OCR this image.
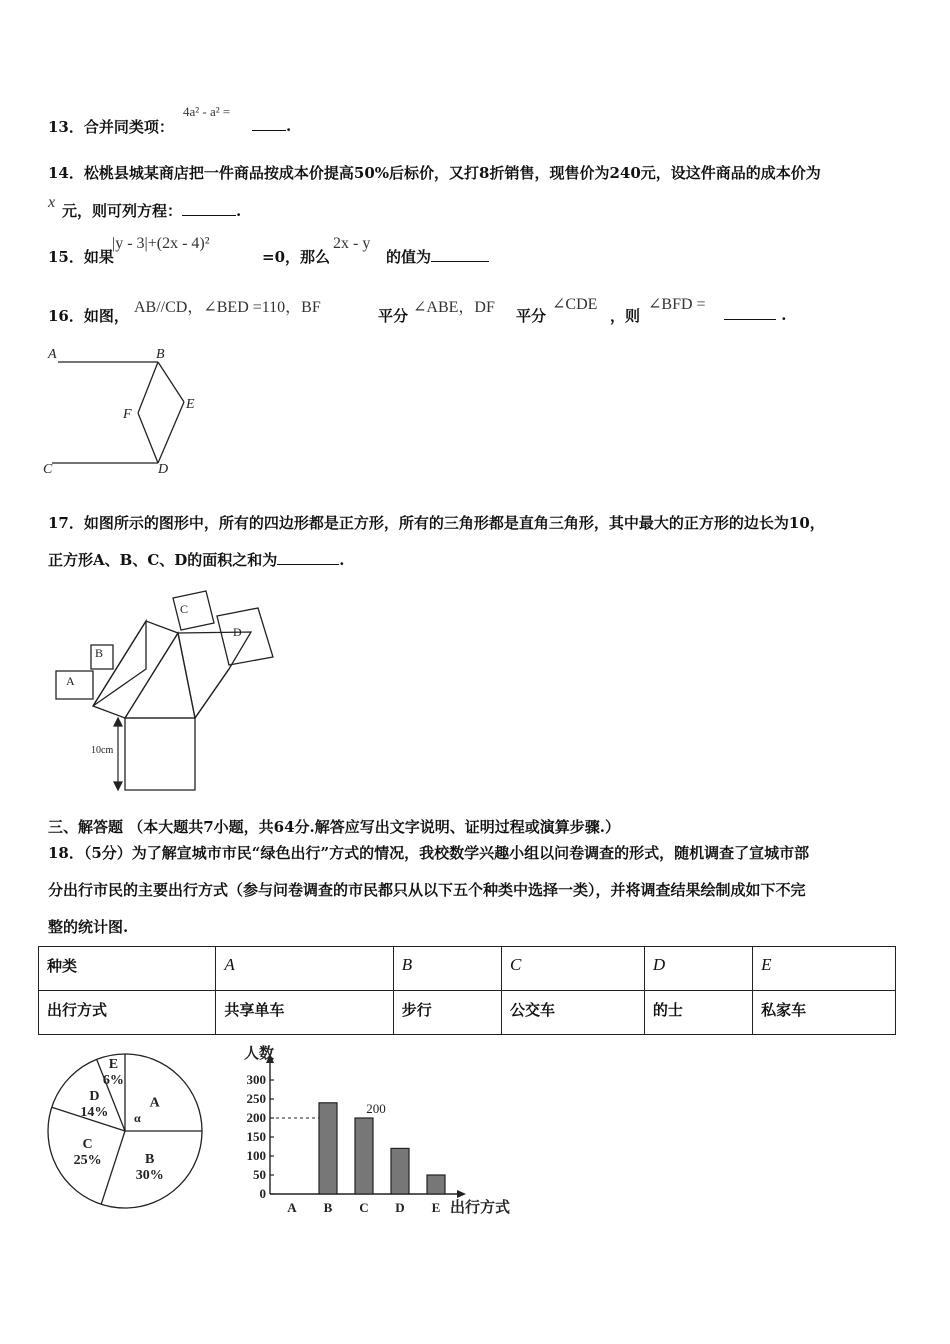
13．合并同类项：
4a² - a² =
.
14．松桃县城某商店把一件商品按成本价提高50%后标价，又打8折销售，现售价为240元，设这件商品的成本价为
x 元，则可列方程：	.
15．如果
|y - 3|+(2x - 4)²
=0，那么
2x - y
的值为
16．如图， AB//CD，∠BED =110，BF	平分 ∠ABE，DF 平分
∠CDE
，则
∠BFD =
.
A	B
C	D
E
F
17．如图所示的图形中，所有的四边形都是正方形，所有的三角形都是直角三角形，其中最大的正方形的边长为10，
正方形A、B、C、D的面积之和为	.
A
B
C
D
10cm
三、解答题 （本大题共7小题，共64分.解答应写出文字说明、证明过程或演算步骤.）
18．（5分）为了解宣城市市民“绿色出行”方式的情况，我校数学兴趣小组以问卷调查的形式，随机调查了宣城市部
分出行市民的主要出行方式（参与问卷调查的市民都只从以下五个种类中选择一类），并将调查结果绘制成如下不完
整的统计图.
种类	A	B	C	D	E
出行方式	共享单车	步行	公交车	的士	私家车
A
B
30%
C
25%
D
14%
E
6%
α
人数
出行方式
0
50
100
150
200
250
300
A B C D E
200
